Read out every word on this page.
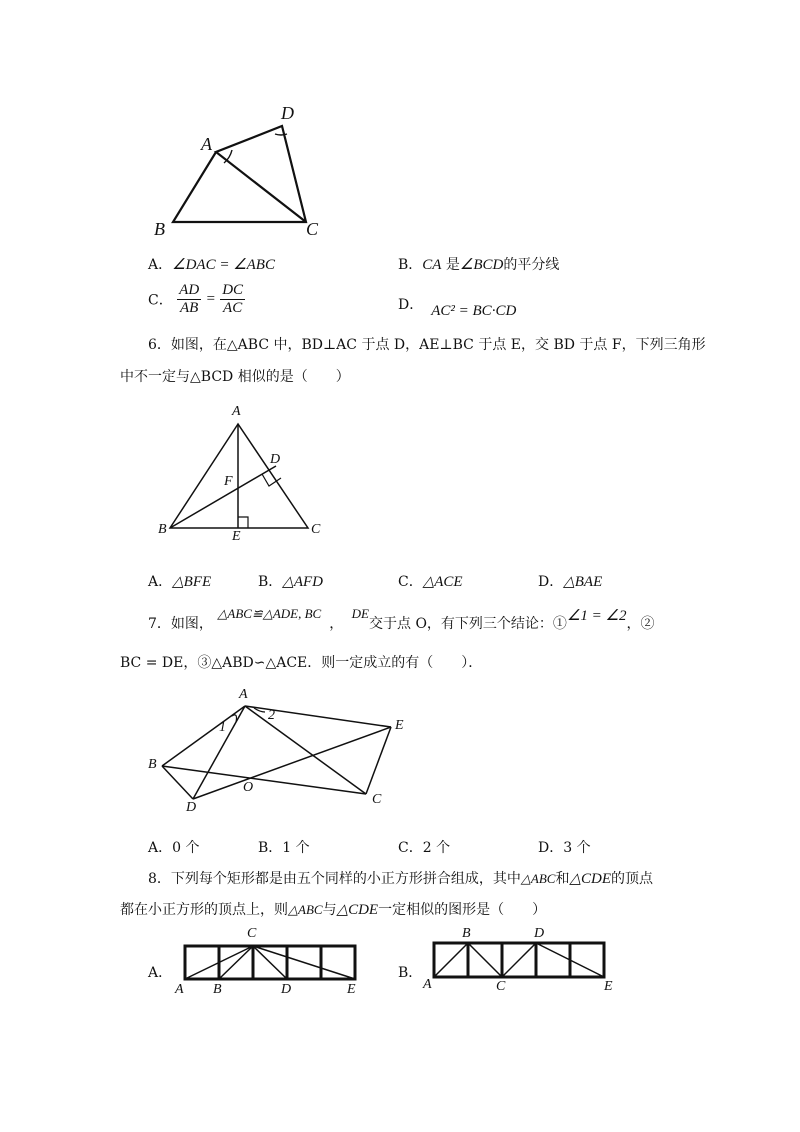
A
D
B	C
A．∠DAC = ∠ABC	B．CA 是∠BCD的平分线
C． $\frac{AD}{AB} = \frac{DC}{AC}$	D． AC² = BC·CD
6．如图，在△ABC 中，BD⊥AC 于点 D，AE⊥BC 于点 E，交 BD 于点 F，下列三角形
中不一定与△BCD 相似的是（　　）
A
D
F
B	E	C
A．△BFE	B．△AFD	C．△ACE	D．△BAE
7．如图， △ABC≌△ADE, BC， DE交于点 O，有下列三个结论：①∠1 = ∠2，②
BC = DE，③△ABD∽△ACE．则一定成立的有（　　）．
A
1
2
E
B
O
D
C
A．0 个	B．1 个	C．2 个	D．3 个
8．下列每个矩形都是由五个同样的小正方形拼合组成，其中△ABC和△CDE的顶点
都在小正方形的顶点上，则△ABC与△CDE一定相似的图形是（　　）
A．
C
A B	D	E
B．
B	D
A	C	E
